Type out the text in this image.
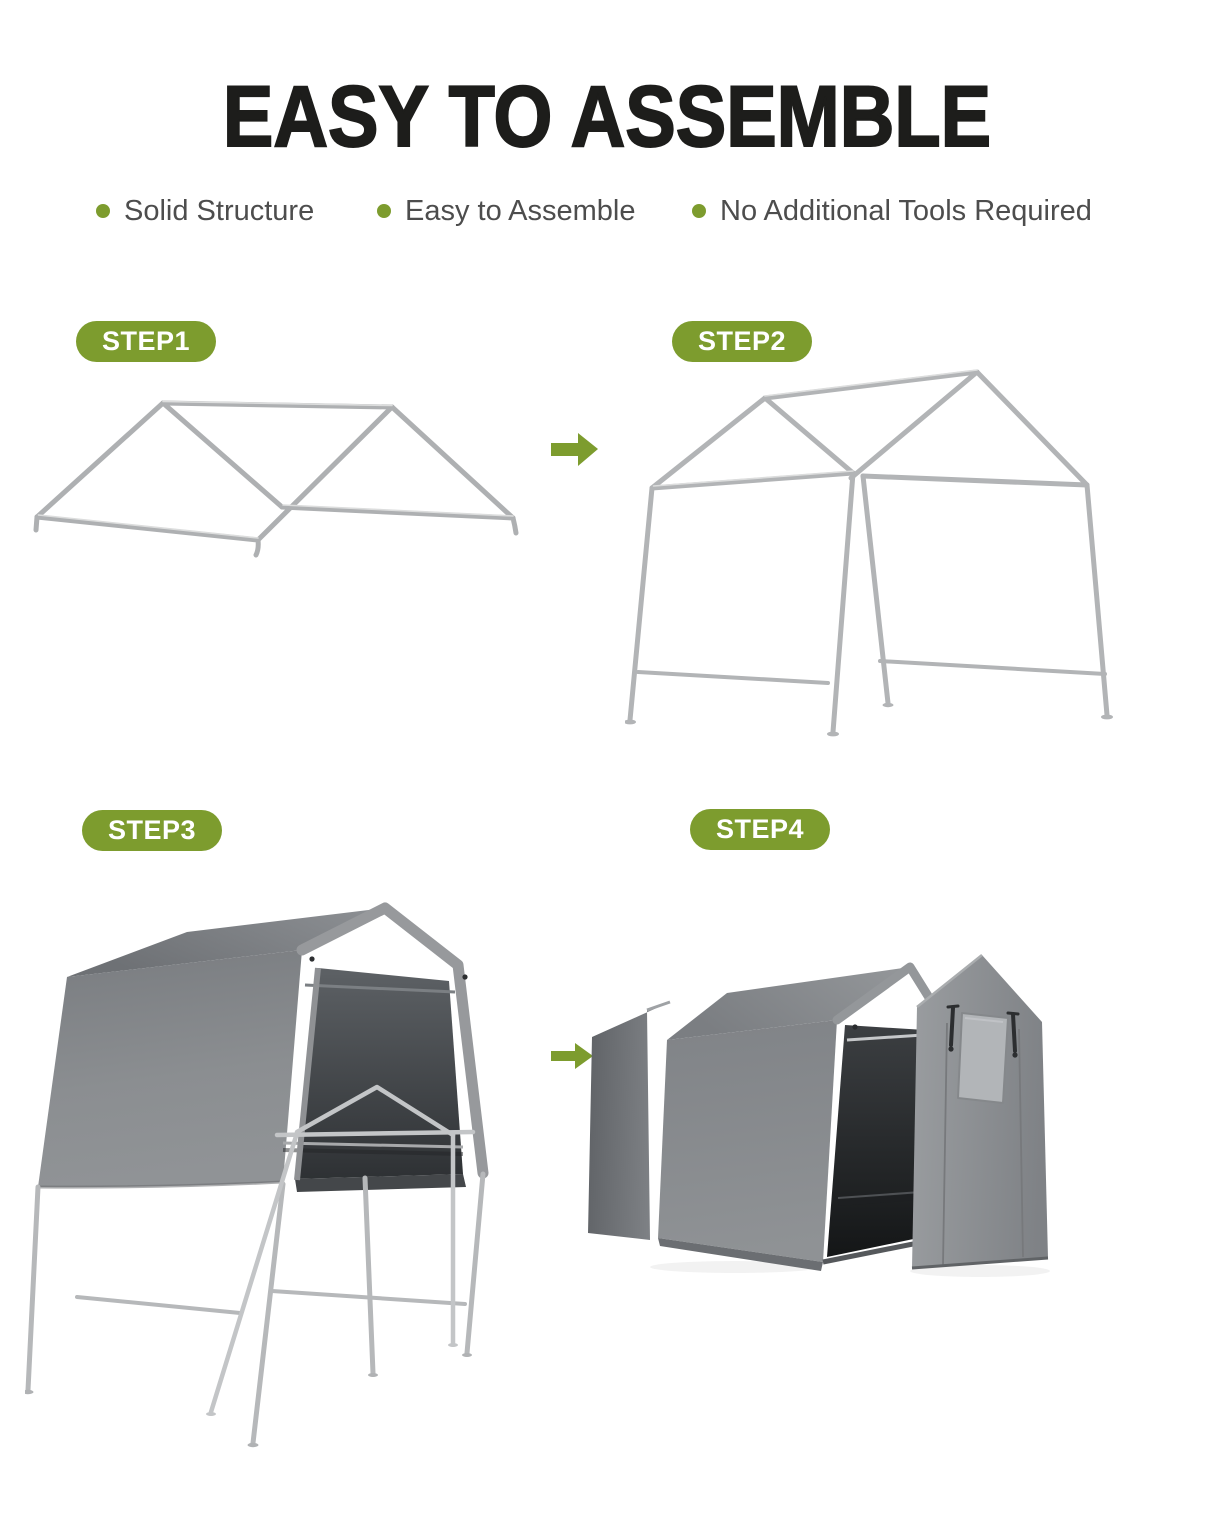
EASY TO ASSEMBLE
Solid Structure	Easy to Assemble	No Additional Tools Required
STEP1	STEP2
STEP3	STEP4
